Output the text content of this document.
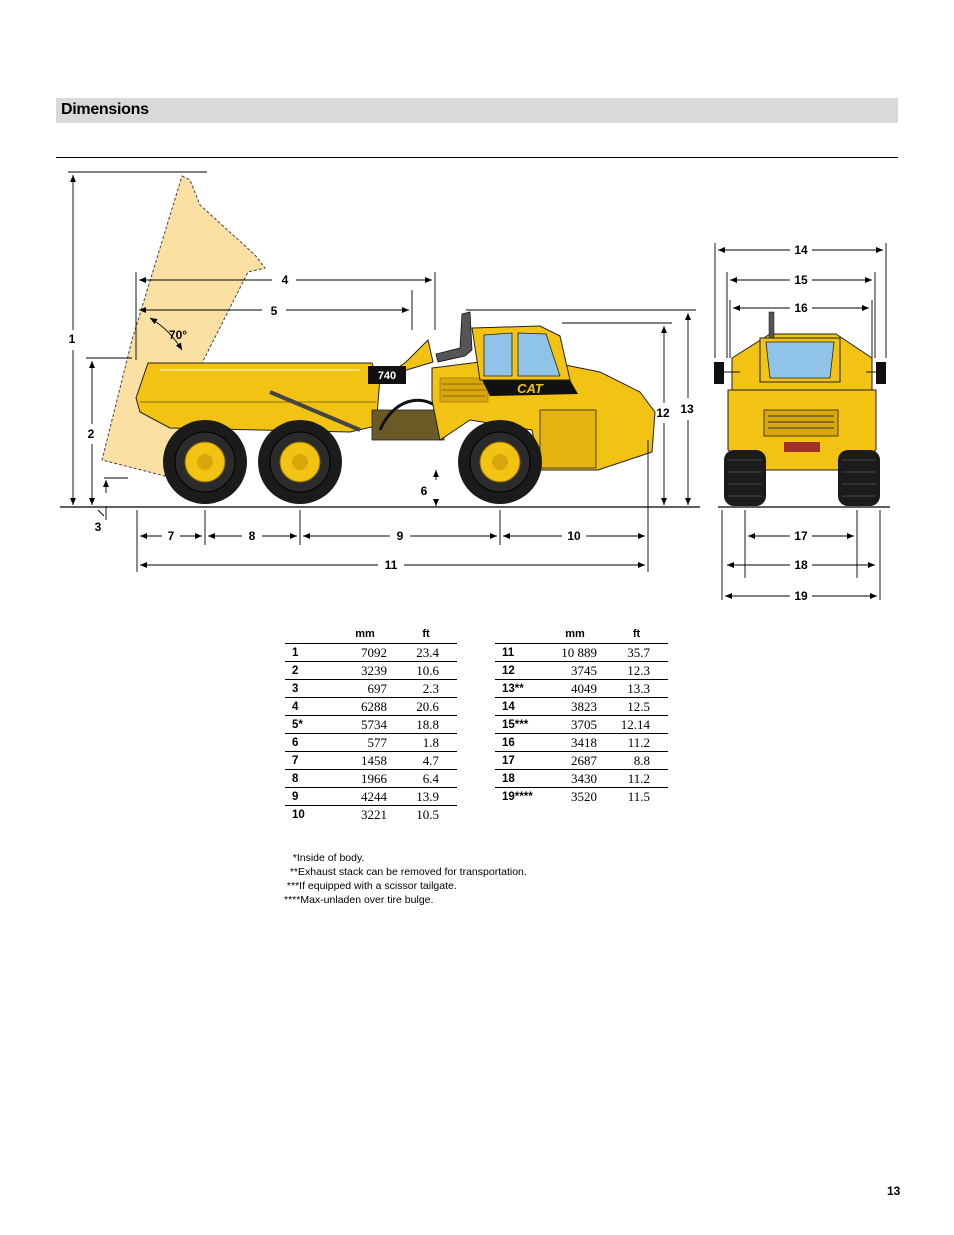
Dimensions
740
CAT
1
2
3
4
5
70°
6
7	8	9	10
11
12 13
14
15
16
17
18
19
	mm	ft
1	7092	23.4
2	3239	10.6
3	697	2.3
4	6288	20.6
5*	5734	18.8
6	577	1.8
7	1458	4.7
8	1966	6.4
9	4244	13.9
10	3221	10.5
	mm	ft
11	10 889	35.7
12	3745	12.3
13**	4049	13.3
14	3823	12.5
15***	3705	12.14
16	3418	11.2
17	2687	8.8
18	3430	11.2
19****	3520	11.5
*Inside of body.
**Exhaust stack can be removed for transportation.
***If equipped with a scissor tailgate.
****Max-unladen over tire bulge.
13
